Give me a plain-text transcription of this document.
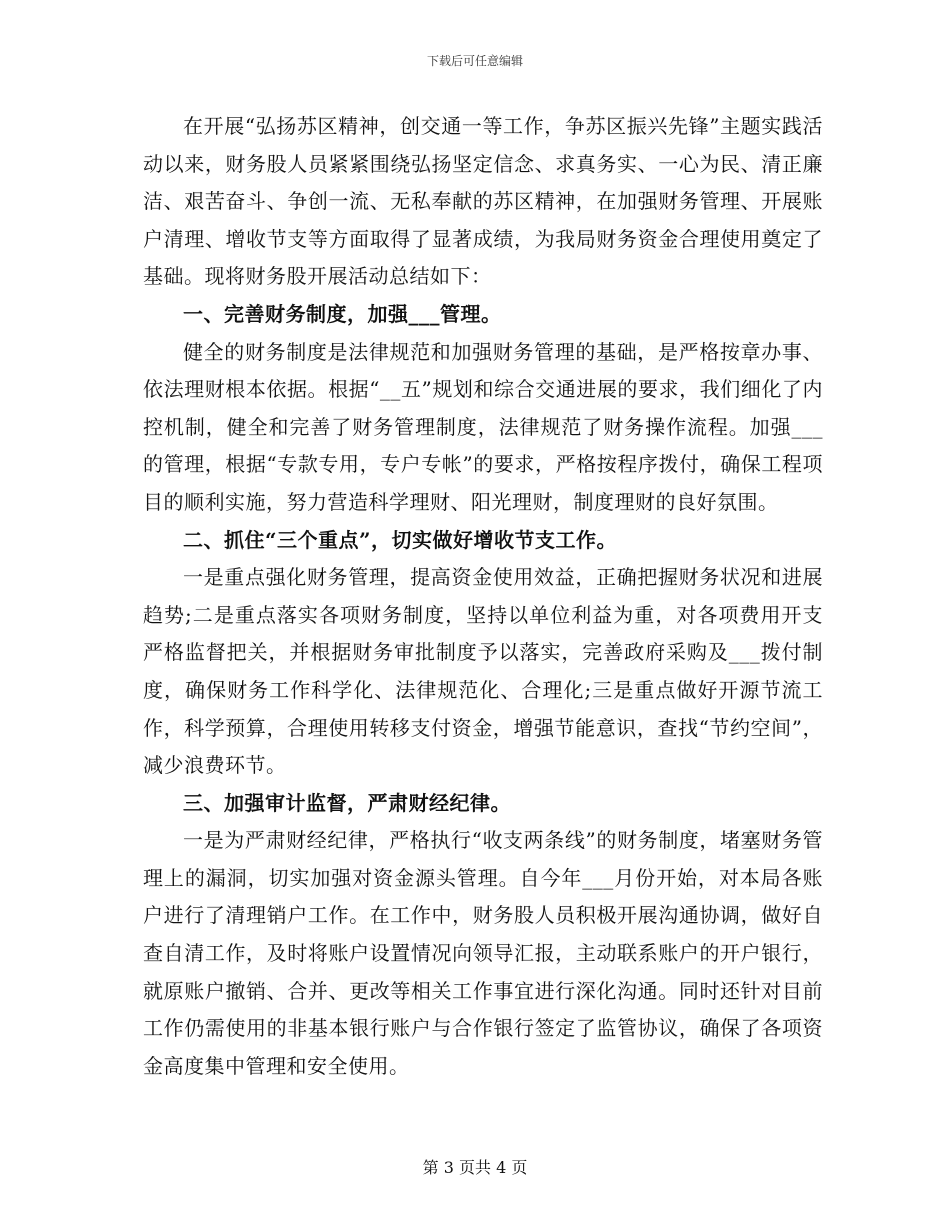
下载后可任意编辑

在开展“弘扬苏区精神，创交通一等工作，争苏区振兴先锋”主题实践活动以来，财务股人员紧紧围绕弘扬坚定信念、求真务实、一心为民、清正廉洁、艰苦奋斗、争创一流、无私奉献的苏区精神，在加强财务管理、开展账户清理、增收节支等方面取得了显著成绩，为我局财务资金合理使用奠定了基础。现将财务股开展活动总结如下：

一、完善财务制度，加强___管理。

健全的财务制度是法律规范和加强财务管理的基础，是严格按章办事、依法理财根本依据。根据“__五”规划和综合交通进展的要求，我们细化了内控机制，健全和完善了财务管理制度，法律规范了财务操作流程。加强___的管理，根据“专款专用，专户专帐”的要求，严格按程序拨付，确保工程项目的顺利实施，努力营造科学理财、阳光理财，制度理财的良好氛围。

二、抓住“三个重点”，切实做好增收节支工作。

一是重点强化财务管理，提高资金使用效益，正确把握财务状况和进展趋势;二是重点落实各项财务制度，坚持以单位利益为重，对各项费用开支严格监督把关，并根据财务审批制度予以落实，完善政府采购及___拨付制度，确保财务工作科学化、法律规范化、合理化;三是重点做好开源节流工作，科学预算，合理使用转移支付资金，增强节能意识，查找“节约空间”，减少浪费环节。

三、加强审计监督，严肃财经纪律。

一是为严肃财经纪律，严格执行“收支两条线”的财务制度，堵塞财务管理上的漏洞，切实加强对资金源头管理。自今年___月份开始，对本局各账户进行了清理销户工作。在工作中，财务股人员积极开展沟通协调，做好自查自清工作，及时将账户设置情况向领导汇报，主动联系账户的开户银行，就原账户撤销、合并、更改等相关工作事宜进行深化沟通。同时还针对目前工作仍需使用的非基本银行账户与合作银行签定了监管协议，确保了各项资金高度集中管理和安全使用。

第 3 页共 4 页
